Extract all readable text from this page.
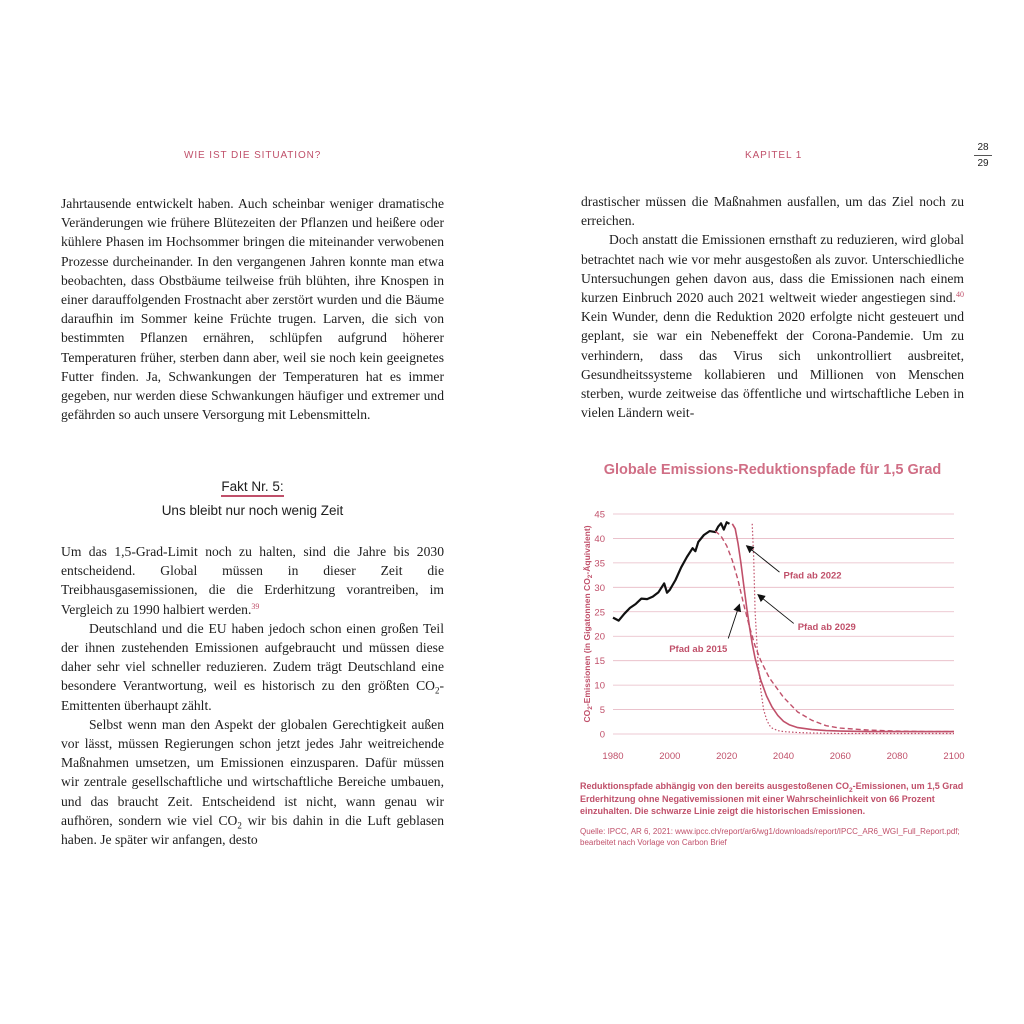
WIE IST DIE SITUATION?	KAPITEL 1
28
29

Jahrtausende entwickelt haben. Auch scheinbar weniger dramatische Veränderungen wie frühere Blütezeiten der Pflanzen und heißere oder kühlere Phasen im Hochsommer bringen die miteinander verwobenen Prozesse durcheinander. In den vergangenen Jahren konnte man etwa beobachten, dass Obstbäume teilweise früh blühten, ihre Knospen in einer darauffolgenden Frostnacht aber zerstört wurden und die Bäume daraufhin im Sommer keine Früchte trugen. Larven, die sich von bestimmten Pflanzen ernähren, schlüpfen aufgrund höherer Temperaturen früher, sterben dann aber, weil sie noch kein geeignetes Futter finden. Ja, Schwankungen der Temperaturen hat es immer gegeben, nur werden diese Schwankungen häufiger und extremer und gefährden so auch unsere Versorgung mit Lebensmitteln.

Fakt Nr. 5:
Uns bleibt nur noch wenig Zeit

Um das 1,5-Grad-Limit noch zu halten, sind die Jahre bis 2030 entscheidend. Global müssen in dieser Zeit die Treibhausgasemissionen, die die Erderhitzung vorantreiben, im Vergleich zu 1990 halbiert werden.$^{39}$

Deutschland und die EU haben jedoch schon einen großen Teil der ihnen zustehenden Emissionen aufgebraucht und müssen diese daher sehr viel schneller reduzieren. Zudem trägt Deutschland eine besondere Verantwortung, weil es historisch zu den größten $CO_2$-Emittenten überhaupt zählt.

Selbst wenn man den Aspekt der globalen Gerechtigkeit außen vor lässt, müssen Regierungen schon jetzt jedes Jahr weitreichende Maßnahmen umsetzen, um Emissionen einzusparen. Dafür müssen wir zentrale gesellschaftliche und wirtschaftliche Bereiche umbauen, und das braucht Zeit. Entscheidend ist nicht, wann genau wir aufhören, sondern wie viel $CO_2$ wir bis dahin in die Luft geblasen haben. Je später wir anfangen, desto

drastischer müssen die Maßnahmen ausfallen, um das Ziel noch zu erreichen.

Doch anstatt die Emissionen ernsthaft zu reduzieren, wird global betrachtet nach wie vor mehr ausgestoßen als zuvor. Unterschiedliche Untersuchungen gehen davon aus, dass die Emissionen nach einem kurzen Einbruch 2020 auch 2021 weltweit wieder angestiegen sind.$^{40}$ Kein Wunder, denn die Reduktion 2020 erfolgte nicht gesteuert und geplant, sie war ein Nebeneffekt der Corona-Pandemie. Um zu verhindern, dass das Virus sich unkontrolliert ausbreitet, Gesundheitssysteme kollabieren und Millionen von Menschen sterben, wurde zeitweise das öffentliche und wirtschaftliche Leben in vielen Ländern weit-

Globale Emissions-Reduktionspfade für 1,5 Grad
0
5
10
15
20
25
30
35
40
45
1980	2000	2020	2040	2060	2080	2100
Pfad ab 2022
Pfad ab 2029
Pfad ab 2015
$CO_2$-Emissionen (in Gigatonnen $CO_2-Äquivalent$)
Reduktionspfade abhängig von den bereits ausgestoßenen $CO_2$-Emissionen, um 1,5 Grad Erderhitzung ohne Negativemissionen mit einer Wahrscheinlichkeit von 66 Prozent einzuhalten. Die schwarze Linie zeigt die historischen Emissionen.
Quelle: IPCC, AR 6, 2021: www.ipcc.ch/report/ar6/wg1/downloads/report/IPCC_AR6_WGI_Full_Report.pdf; bearbeitet nach Vorlage von Carbon Brief
